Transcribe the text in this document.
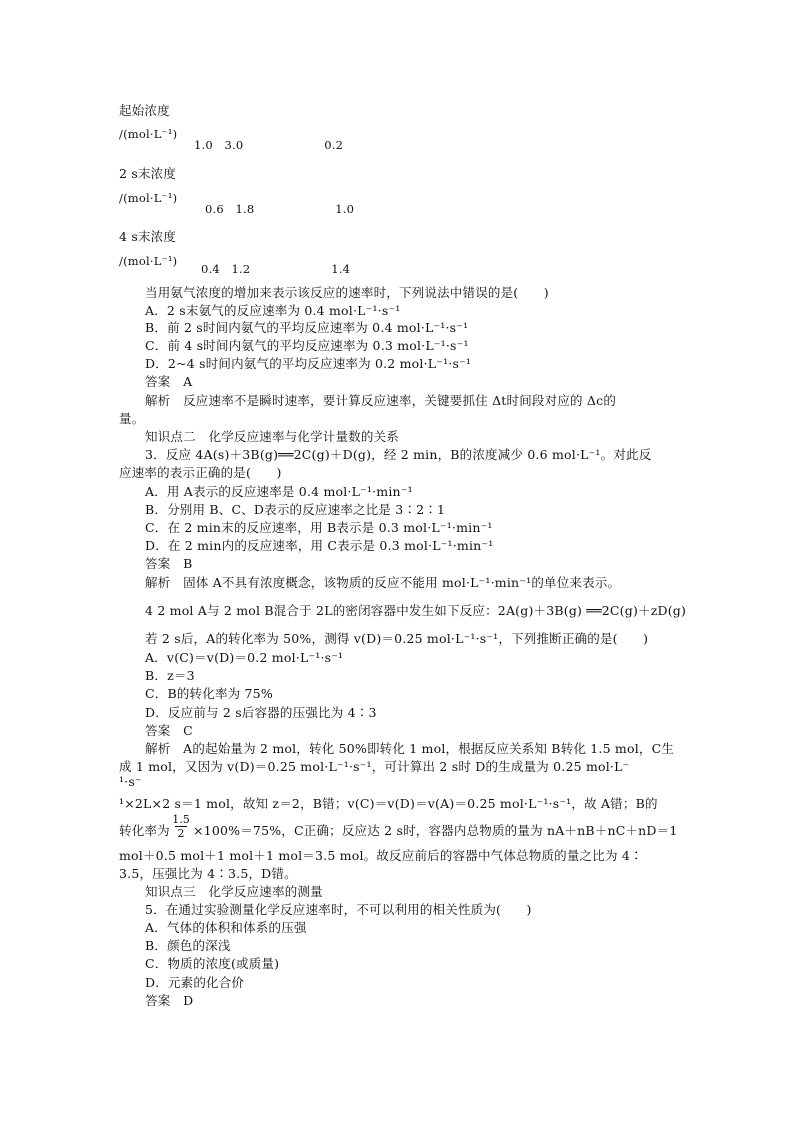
起始浓度
/(mol·L⁻¹)
1.0   3.0                     0.2
2 s末浓度
/(mol·L⁻¹)
0.6   1.8                     1.0
4 s末浓度
/(mol·L⁻¹)
0.4   1.2                     1.4
当用氨气浓度的增加来表示该反应的速率时，下列说法中错误的是(　　)
A．2 s末氨气的反应速率为 0.4 mol·L⁻¹·s⁻¹
B．前 2 s时间内氨气的平均反应速率为 0.4 mol·L⁻¹·s⁻¹
C．前 4 s时间内氨气的平均反应速率为 0.3 mol·L⁻¹·s⁻¹
D．2~4 s时间内氨气的平均反应速率为 0.2 mol·L⁻¹·s⁻¹
答案　A
解析　反应速率不是瞬时速率，要计算反应速率，关键要抓住 Δt时间段对应的 Δc的
量。
知识点二　化学反应速率与化学计量数的关系
3．反应 4A(s)＋3B(g)══2C(g)＋D(g)，经 2 min，B的浓度减少 0.6 mol·L⁻¹。对此反
应速率的表示正确的是(　　)
A．用 A表示的反应速率是 0.4 mol·L⁻¹·min⁻¹
B．分别用 B、C、D表示的反应速率之比是 3∶2∶1
C．在 2 min末的反应速率，用 B表示是 0.3 mol·L⁻¹·min⁻¹
D．在 2 min内的反应速率，用 C表示是 0.3 mol·L⁻¹·min⁻¹
答案　B
解析　固体 A不具有浓度概念，该物质的反应不能用 mol·L⁻¹·min⁻¹的单位来表示。
4 2 mol A与 2 mol B混合于 2L的密闭容器中发生如下反应：2A(g)＋3B(g) ══2C(g)＋zD(g)
若 2 s后，A的转化率为 50%，测得 v(D)＝0.25 mol·L⁻¹·s⁻¹，下列推断正确的是(　　)
A．v(C)＝v(D)＝0.2 mol·L⁻¹·s⁻¹
B．z＝3
C．B的转化率为 75%
D．反应前与 2 s后容器的压强比为 4∶3
答案　C
解析　A的起始量为 2 mol，转化 50%即转化 1 mol，根据反应关系知 B转化 1.5 mol，C生
成 1 mol，又因为 v(D)＝0.25 mol·L⁻¹·s⁻¹，可计算出 2 s时 D的生成量为 0.25 mol·L⁻
¹·s⁻
¹×2L×2 s＝1 mol，故知 z＝2，B错；v(C)＝v(D)＝v(A)＝0.25 mol·L⁻¹·s⁻¹，故 A错；B的
转化率为
1.5
2 ×100%＝75%，C正确；反应达 2 s时，容器内总物质的量为 nA＋nB＋nC＋nD＝1
mol＋0.5 mol＋1 mol＋1 mol＝3.5 mol。故反应前后的容器中气体总物质的量之比为 4∶
3.5，压强比为 4∶3.5，D错。
知识点三　化学反应速率的测量
5．在通过实验测量化学反应速率时，不可以利用的相关性质为(　　)
A．气体的体积和体系的压强
B．颜色的深浅
C．物质的浓度(或质量)
D．元素的化合价
答案　D
